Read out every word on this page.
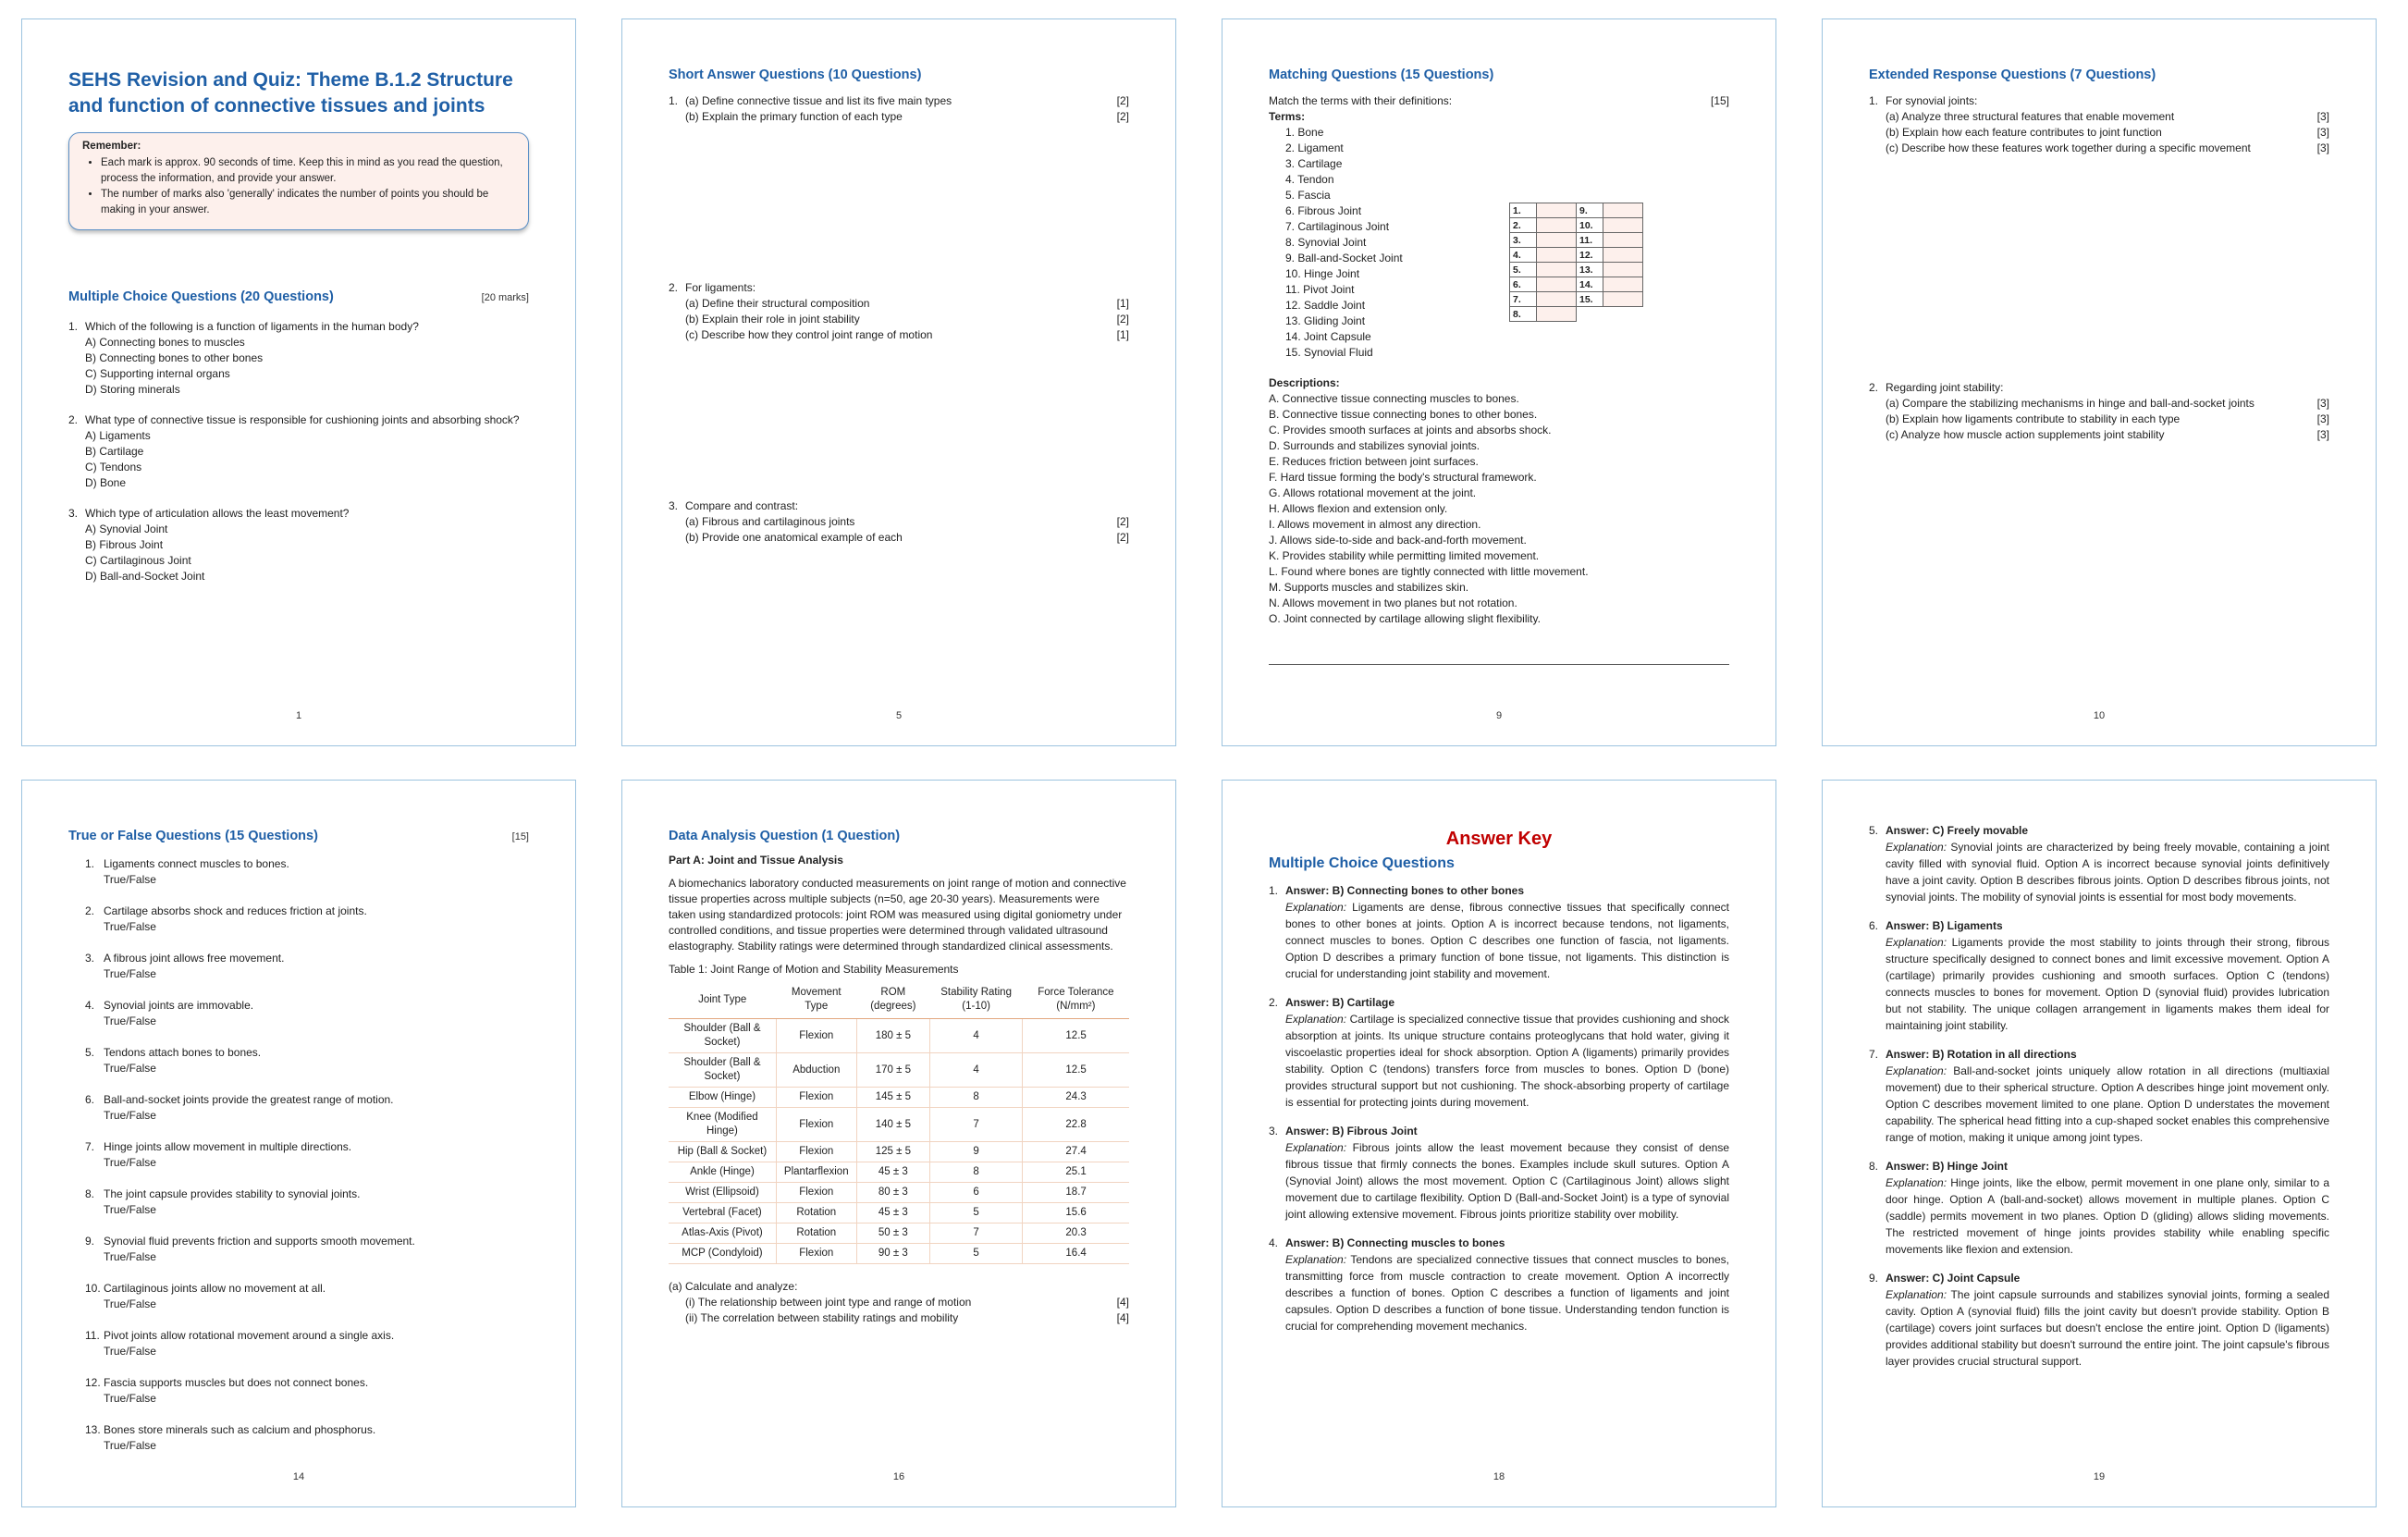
SEHS Revision and Quiz: Theme B.1.2 Structure and function of connective tissues and joints
Remember:
• Each mark is approx. 90 seconds of time. Keep this in mind as you read the question, process the information, and provide your answer.
• The number of marks also 'generally' indicates the number of points you should be making in your answer.
Multiple Choice Questions (20 Questions)	[20 marks]
1. Which of the following is a function of ligaments in the human body?
A) Connecting bones to muscles
B) Connecting bones to other bones
C) Supporting internal organs
D) Storing minerals
2. What type of connective tissue is responsible for cushioning joints and absorbing shock?
A) Ligaments
B) Cartilage
C) Tendons
D) Bone
3. Which type of articulation allows the least movement?
A) Synovial Joint
B) Fibrous Joint
C) Cartilaginous Joint
D) Ball-and-Socket Joint
1
Short Answer Questions (10 Questions)
1. (a) Define connective tissue and list its five main types	[2]
(b) Explain the primary function of each type	[2]
2. For ligaments:
(a) Define their structural composition	[1]
(b) Explain their role in joint stability	[2]
(c) Describe how they control joint range of motion	[1]
3. Compare and contrast:
(a) Fibrous and cartilaginous joints	[2]
(b) Provide one anatomical example of each	[2]
5
Matching Questions (15 Questions)
Match the terms with their definitions:	[15]
Terms:
1. Bone
2. Ligament
3. Cartilage
4. Tendon
5. Fascia
6. Fibrous Joint
7. Cartilaginous Joint
8. Synovial Joint
9. Ball-and-Socket Joint
10. Hinge Joint
11. Pivot Joint
12. Saddle Joint
13. Gliding Joint
14. Joint Capsule
15. Synovial Fluid
1.		9.	
2.		10.	
3.		11.	
4.		12.	
5.		13.	
6.		14.	
7.		15.	
8.			
Descriptions:
A. Connective tissue connecting muscles to bones.
B. Connective tissue connecting bones to other bones.
C. Provides smooth surfaces at joints and absorbs shock.
D. Surrounds and stabilizes synovial joints.
E. Reduces friction between joint surfaces.
F. Hard tissue forming the body's structural framework.
G. Allows rotational movement at the joint.
H. Allows flexion and extension only.
I. Allows movement in almost any direction.
J. Allows side-to-side and back-and-forth movement.
K. Provides stability while permitting limited movement.
L. Found where bones are tightly connected with little movement.
M. Supports muscles and stabilizes skin.
N. Allows movement in two planes but not rotation.
O. Joint connected by cartilage allowing slight flexibility.
9
Extended Response Questions (7 Questions)
1. For synovial joints:
(a) Analyze three structural features that enable movement	[3]
(b) Explain how each feature contributes to joint function	[3]
(c) Describe how these features work together during a specific movement	[3]
2. Regarding joint stability:
(a) Compare the stabilizing mechanisms in hinge and ball-and-socket joints	[3]
(b) Explain how ligaments contribute to stability in each type	[3]
(c) Analyze how muscle action supplements joint stability	[3]
10
True or False Questions (15 Questions)	[15]
1. Ligaments connect muscles to bones.
True/False
2. Cartilage absorbs shock and reduces friction at joints.
True/False
3. A fibrous joint allows free movement.
True/False
4. Synovial joints are immovable.
True/False
5. Tendons attach bones to bones.
True/False
6. Ball-and-socket joints provide the greatest range of motion.
True/False
7. Hinge joints allow movement in multiple directions.
True/False
8. The joint capsule provides stability to synovial joints.
True/False
9. Synovial fluid prevents friction and supports smooth movement.
True/False
10. Cartilaginous joints allow no movement at all.
True/False
11. Pivot joints allow rotational movement around a single axis.
True/False
12. Fascia supports muscles but does not connect bones.
True/False
13. Bones store minerals such as calcium and phosphorus.
True/False
14
Data Analysis Question (1 Question)
Part A: Joint and Tissue Analysis
A biomechanics laboratory conducted measurements on joint range of motion and connective tissue properties across multiple subjects (n=50, age 20-30 years). Measurements were taken using standardized protocols: joint ROM was measured using digital goniometry under controlled conditions, and tissue properties were determined through validated ultrasound elastography. Stability ratings were determined through standardized clinical assessments.
Table 1: Joint Range of Motion and Stability Measurements
Joint Type	Movement Type	ROM (degrees)	Stability Rating (1-10)	Force Tolerance (N/mm²)
Shoulder (Ball & Socket)	Flexion	180 ± 5	4	12.5
Shoulder (Ball & Socket)	Abduction	170 ± 5	4	12.5
Elbow (Hinge)	Flexion	145 ± 5	8	24.3
Knee (Modified Hinge)	Flexion	140 ± 5	7	22.8
Hip (Ball & Socket)	Flexion	125 ± 5	9	27.4
Ankle (Hinge)	Plantarflexion	45 ± 3	8	25.1
Wrist (Ellipsoid)	Flexion	80 ± 3	6	18.7
Vertebral (Facet)	Rotation	45 ± 3	5	15.6
Atlas-Axis (Pivot)	Rotation	50 ± 3	7	20.3
MCP (Condyloid)	Flexion	90 ± 3	5	16.4
(a) Calculate and analyze:
(i) The relationship between joint type and range of motion	[4]
(ii) The correlation between stability ratings and mobility	[4]
16
Answer Key
Multiple Choice Questions
1. Answer: B) Connecting bones to other bones
Explanation: Ligaments are dense, fibrous connective tissues that specifically connect bones to other bones at joints. Option A is incorrect because tendons, not ligaments, connect muscles to bones. Option C describes one function of fascia, not ligaments. Option D describes a primary function of bone tissue, not ligaments. This distinction is crucial for understanding joint stability and movement.
2. Answer: B) Cartilage
Explanation: Cartilage is specialized connective tissue that provides cushioning and shock absorption at joints. Its unique structure contains proteoglycans that hold water, giving it viscoelastic properties ideal for shock absorption. Option A (ligaments) primarily provides stability. Option C (tendons) transfers force from muscles to bones. Option D (bone) provides structural support but not cushioning. The shock-absorbing property of cartilage is essential for protecting joints during movement.
3. Answer: B) Fibrous Joint
Explanation: Fibrous joints allow the least movement because they consist of dense fibrous tissue that firmly connects the bones. Examples include skull sutures. Option A (Synovial Joint) allows the most movement. Option C (Cartilaginous Joint) allows slight movement due to cartilage flexibility. Option D (Ball-and-Socket Joint) is a type of synovial joint allowing extensive movement. Fibrous joints prioritize stability over mobility.
4. Answer: B) Connecting muscles to bones
Explanation: Tendons are specialized connective tissues that connect muscles to bones, transmitting force from muscle contraction to create movement. Option A incorrectly describes a function of bones. Option C describes a function of ligaments and joint capsules. Option D describes a function of bone tissue. Understanding tendon function is crucial for comprehending movement mechanics.
18
5. Answer: C) Freely movable
Explanation: Synovial joints are characterized by being freely movable, containing a joint cavity filled with synovial fluid. Option A is incorrect because synovial joints definitively have a joint cavity. Option B describes fibrous joints. Option D describes fibrous joints, not synovial joints. The mobility of synovial joints is essential for most body movements.
6. Answer: B) Ligaments
Explanation: Ligaments provide the most stability to joints through their strong, fibrous structure specifically designed to connect bones and limit excessive movement. Option A (cartilage) primarily provides cushioning and smooth surfaces. Option C (tendons) connects muscles to bones for movement. Option D (synovial fluid) provides lubrication but not stability. The unique collagen arrangement in ligaments makes them ideal for maintaining joint stability.
7. Answer: B) Rotation in all directions
Explanation: Ball-and-socket joints uniquely allow rotation in all directions (multiaxial movement) due to their spherical structure. Option A describes hinge joint movement only. Option C describes movement limited to one plane. Option D understates the movement capability. The spherical head fitting into a cup-shaped socket enables this comprehensive range of motion, making it unique among joint types.
8. Answer: B) Hinge Joint
Explanation: Hinge joints, like the elbow, permit movement in one plane only, similar to a door hinge. Option A (ball-and-socket) allows movement in multiple planes. Option C (saddle) permits movement in two planes. Option D (gliding) allows sliding movements. The restricted movement of hinge joints provides stability while enabling specific movements like flexion and extension.
9. Answer: C) Joint Capsule
Explanation: The joint capsule surrounds and stabilizes synovial joints, forming a sealed cavity. Option A (synovial fluid) fills the joint cavity but doesn't provide stability. Option B (cartilage) covers joint surfaces but doesn't enclose the entire joint. Option D (ligaments) provides additional stability but doesn't surround the entire joint. The joint capsule's fibrous layer provides crucial structural support.
19
